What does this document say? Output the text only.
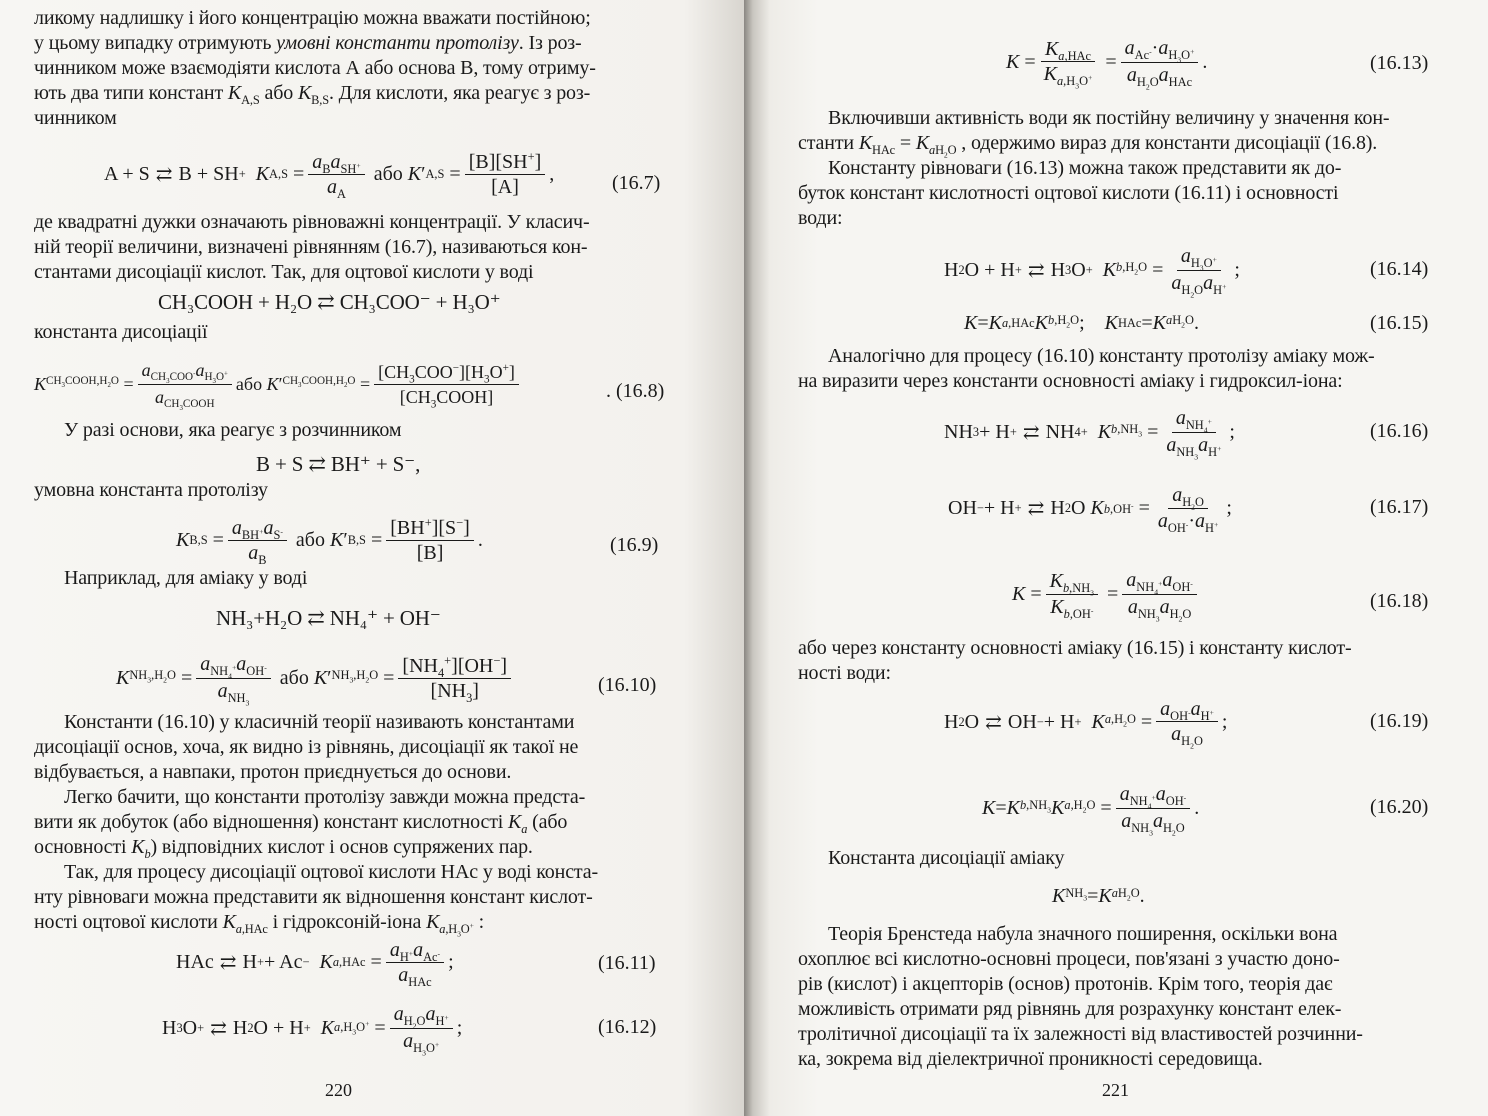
ликому надлишку і його концентрацію можна вважати постійною;
у цьому випадку отримують умовні константи протолізу. Із роз-
чинником може взаємодіяти кислота А або основа В, тому отриму-
ють два типи констант $K_{A,S}$ або $K_{B,S}$. Для кислоти, яка реагує з роз-
чинником
A + S ⇄ B + SH +
K $A,S = \frac{a_Ba_{SH^+}}{a_A}$ або K ′ $A,S = \frac{[B][SH^+]}{[A]}$ ,	(16.7)
де квадратні дужки означають рівноважні концентрації. У класич-
ній теорії величини, визначені рівнянням (16.7), називаються кон-
стантами дисоціації кислот. Так, для оцтової кислоти у воді
CH₃COOH + H₂O ⇄ CH₃COO⁻ + H₃O⁺
константа дисоціації
K $CH_3COOH,H_2O = \frac{a_{CH_3COO^-}a_{H_3O^+}}{a_{CH_3COOH}}$ або K ′ $CH_3COOH,H_2O = \frac{[CH_3COO^-][H_3O^+]}{[CH_3COOH]}$	. (16.8)
У разі основи, яка реагує з розчинником
B + S ⇄ BH⁺ + S⁻,
умовна константа протолізу
K $B,S = \frac{a_{BH^+}a_{S^-}}{a_B}$ або K ′ $B,S = \frac{[BH^+][S^-]}{[B]}$ .	(16.9)
Наприклад, для аміаку у воді
NH₃+H₂O ⇄ NH₄⁺ + OH⁻
K $NH_3,H_2O = \frac{a_{NH_4^+}a_{OH^-}}{a_{NH_3}}$ або K ′ $NH_3,H_2O = \frac{[NH_4^+][OH^-]}{[NH_3]}$	(16.10)
Константи (16.10) у класичній теорії називають константами
дисоціації основ, хоча, як видно із рівнянь, дисоціації як такої не
відбувається, а навпаки, протон приєднується до основи.
Легко бачити, що константи протолізу завжди можна предста-
вити як добуток (або відношення) констант кислотності $K_a$ (або
основності $K_b$) відповідних кислот і основ супряжених пар.
Так, для процесу дисоціації оцтової кислоти HAc у воді конста-
нту рівноваги можна представити як відношення констант кислот-
ності оцтової кислоти $K_{a,HAc}$ і гідроксоній-іона $K_{a,H_3O^+}$ :
HAc ⇄ H + + Ac −
K $a,HAc = \frac{a_{H^+}a_{Ac^-}}{a_{HAc}}$ ;	(16.11)
H 3 O + ⇄ H 2 O + H +
K $a,H_3O^+ = \frac{a_{H_2O}a_{H^+}}{a_{H_3O^+}}$ ;	(16.12)
220
$K = \frac{K_{a,HAc}}{K_{a,H_3O^+}} = \frac{a_{Ac^-}\cdot a_{H_3O^+}}{a_{H_2O}a_{HAc}}$ .	(16.13)
Включивши активність води як постійну величину у значення кон-
станти $K_{HAc} = K_{aH_2O}$ , одержимо вираз для константи дисоціації (16.8).
Константу рівноваги (16.13) можна також представити як до-
буток констант кислотності оцтової кислоти (16.11) і основності
води:
H 2 O + H + ⇄ H 3 O +
K $b,H_2O = \frac{a_{H_3O^+}}{a_{H_2O}a_{H^+}}$ ;	(16.14)
K = K a,HAc K $b,H_2O$ ; K HAc = K $aH_2O$ .	(16.15)
Аналогічно для процесу (16.10) константу протолізу аміаку мож-
на виразити через константи основності аміаку і гидроксил-іона:
NH 3 + H + ⇄ NH 4 +
K $b,NH_3 = \frac{a_{NH_4^+}}{a_{NH_3}a_{H^+}}$ ;	(16.16)
OH − + H + ⇄ H 2 O K $b,OH^- = \frac{a_{H_2O}}{a_{OH^-}\cdot a_{H^+}}$ ;	(16.17)
$K = \frac{K_{b,NH_3}}{K_{b,OH^-}} = \frac{a_{NH_4^+}a_{OH^-}}{a_{NH_3}a_{H_2O}}$	(16.18)
або через константу основності аміаку (16.15) і константу кислот-
ності води:
H 2 O ⇄ OH − + H +
K $a,H_2O = \frac{a_{OH^-}a_{H^+}}{a_{H_2O}}$ ;	(16.19)
K = K $b,NH_3$ K $a,H_2O = \frac{a_{NH_4^+}a_{OH^-}}{a_{NH_3}a_{H_2O}}$ .	(16.20)
Константа дисоціації аміаку
K $NH_3 = K$ $aH_2O$ .
Теорія Бренстеда набула значного поширення, оскільки вона
охоплює всі кислотно-основні процеси, пов'язані з участю доно-
рів (кислот) і акцепторів (основ) протонів. Крім того, теорія дає
можливість отримати ряд рівнянь для розрахунку констант елек-
тролітичної дисоціації та їх залежності від властивостей розчинни-
ка, зокрема від діелектричної проникності середовища.
221
